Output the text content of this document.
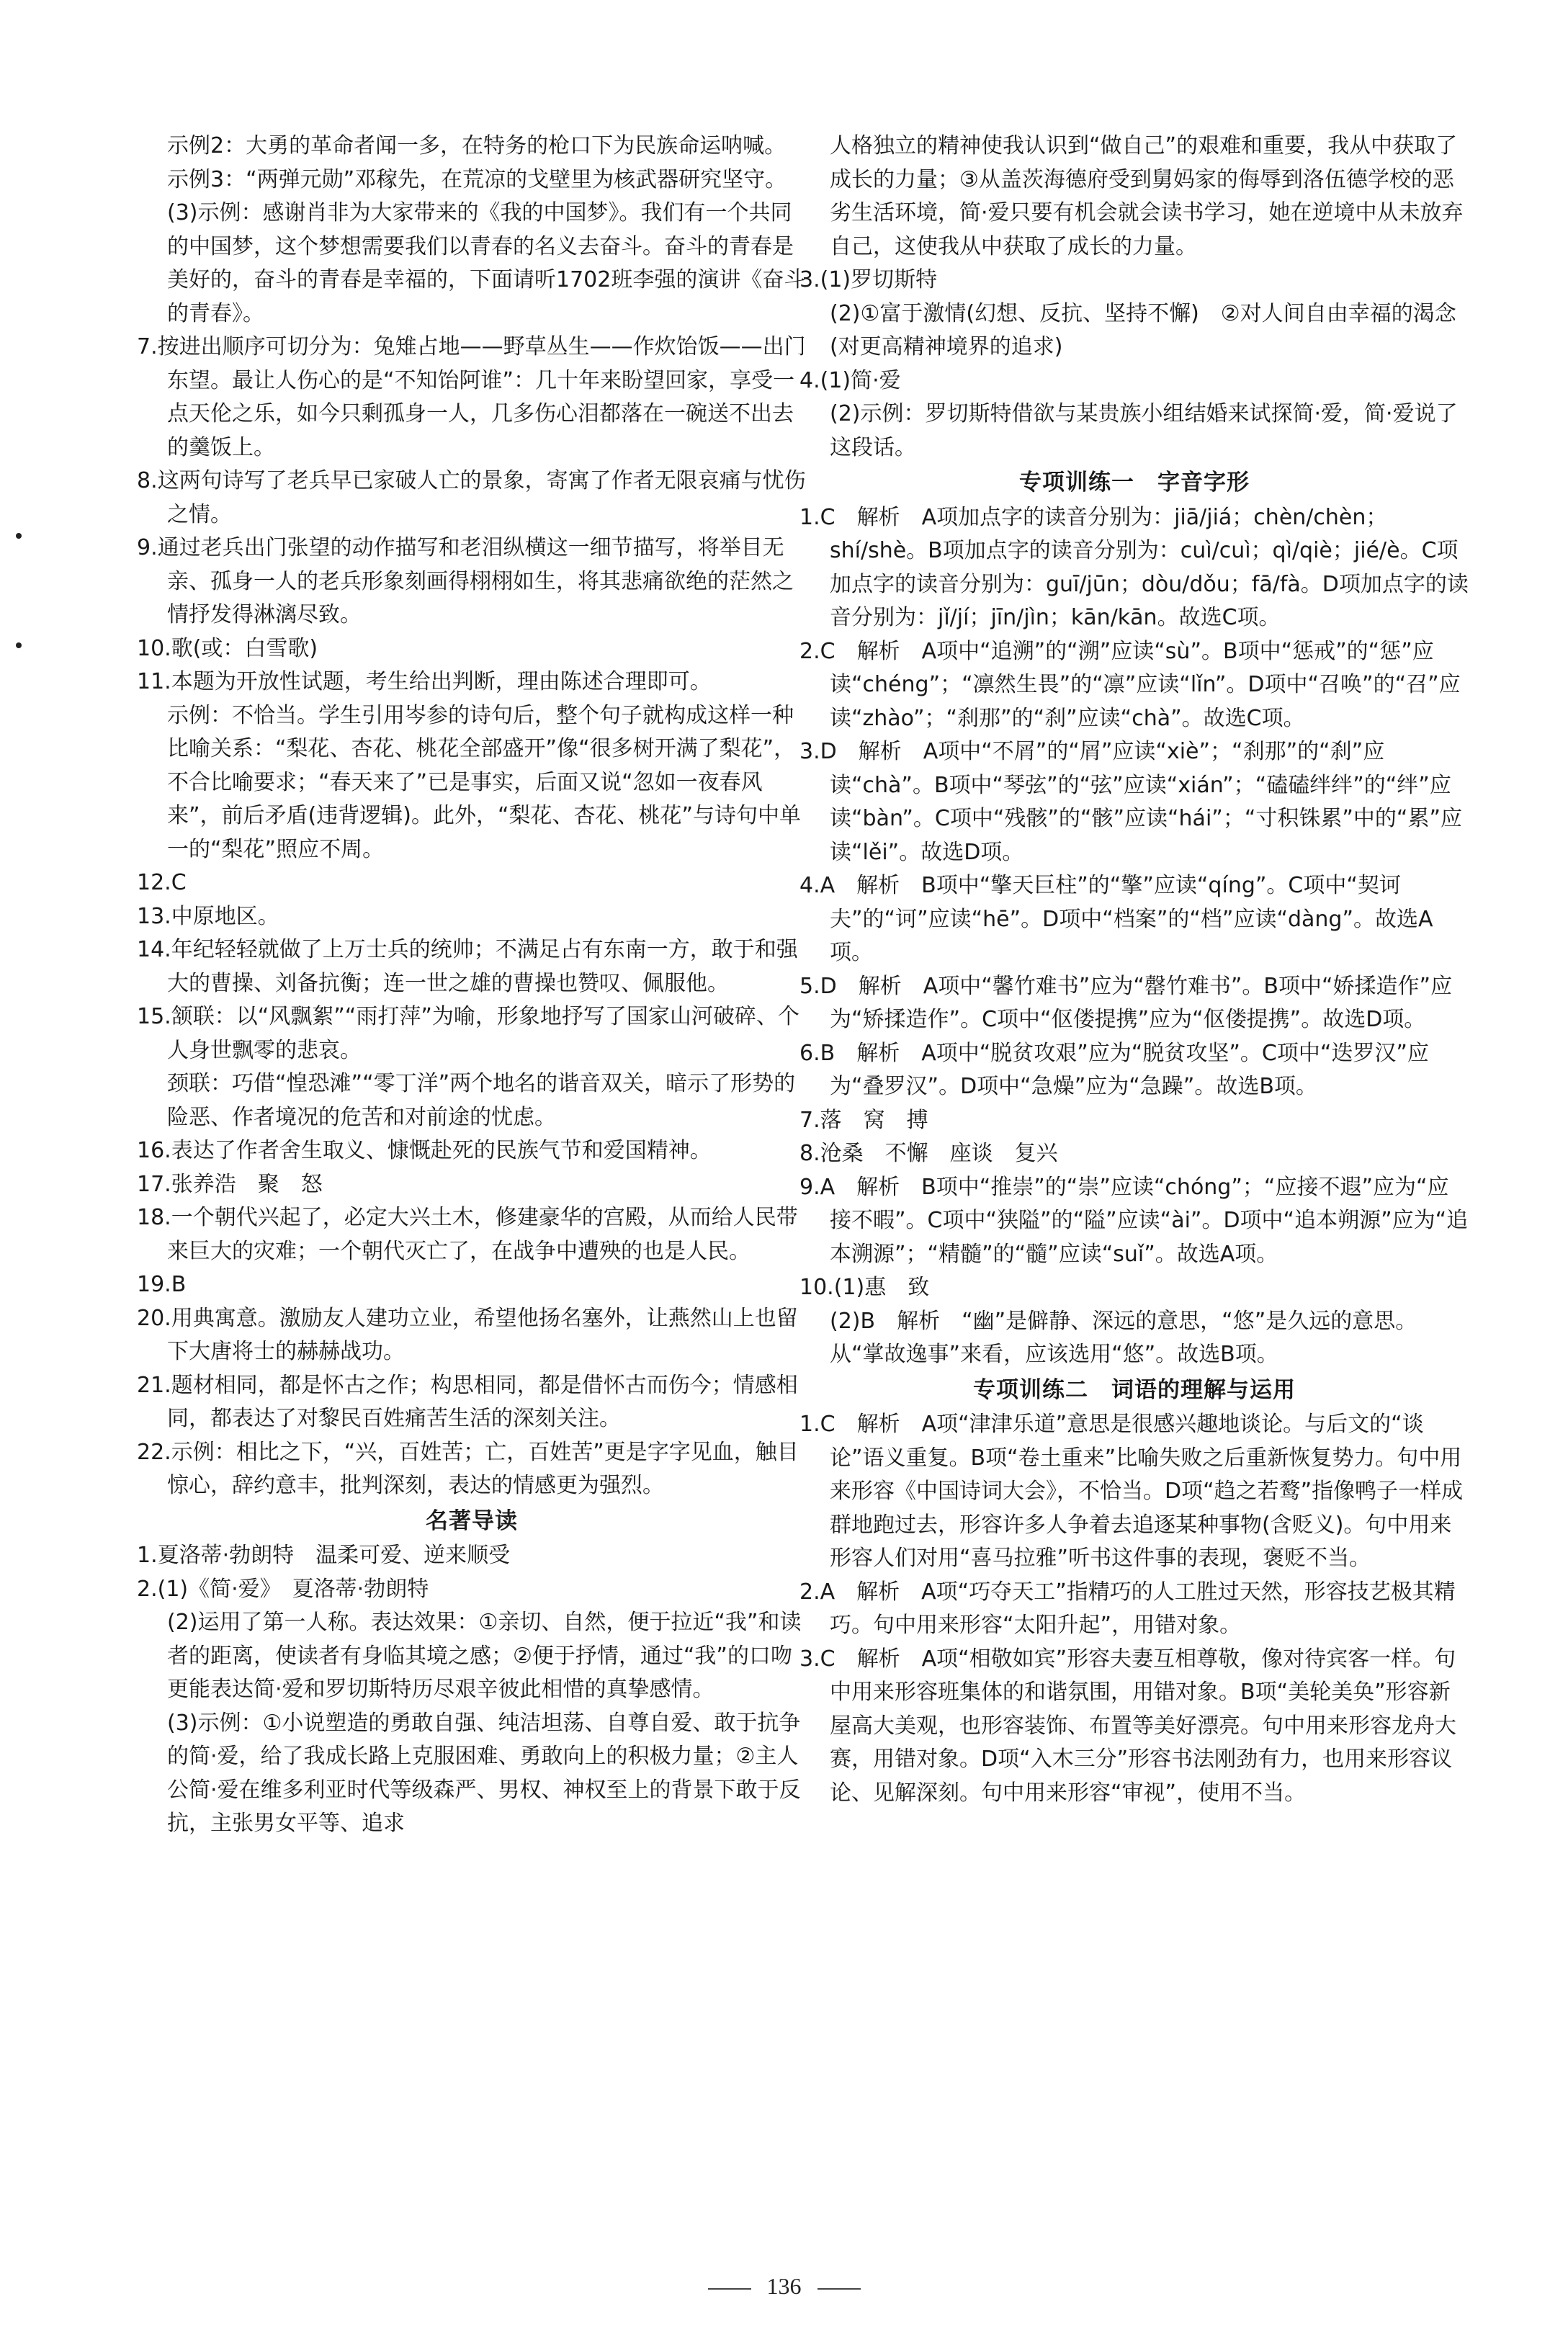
示例2：大勇的革命者闻一多，在特务的枪口下为民族命运呐喊。

示例3：“两弹元勋”邓稼先，在荒凉的戈壁里为核武器研究坚守。

(3)示例：感谢肖非为大家带来的《我的中国梦》。我们有一个共同的中国梦，这个梦想需要我们以青春的名义去奋斗。奋斗的青春是美好的，奋斗的青春是幸福的，下面请听1702班李强的演讲《奋斗的青春》。

7.按进出顺序可切分为：兔雉占地——野草丛生——作炊饴饭——出门东望。最让人伤心的是“不知饴阿谁”：几十年来盼望回家，享受一点天伦之乐，如今只剩孤身一人，几多伤心泪都落在一碗送不出去的羹饭上。

8.这两句诗写了老兵早已家破人亡的景象，寄寓了作者无限哀痛与忧伤之情。

9.通过老兵出门张望的动作描写和老泪纵横这一细节描写，将举目无亲、孤身一人的老兵形象刻画得栩栩如生，将其悲痛欲绝的茫然之情抒发得淋漓尽致。

10.歌(或：白雪歌)

11.本题为开放性试题，考生给出判断，理由陈述合理即可。

示例：不恰当。学生引用岑参的诗句后，整个句子就构成这样一种比喻关系：“梨花、杏花、桃花全部盛开”像“很多树开满了梨花”，不合比喻要求；“春天来了”已是事实，后面又说“忽如一夜春风来”，前后矛盾(违背逻辑)。此外，“梨花、杏花、桃花”与诗句中单一的“梨花”照应不周。

12.C

13.中原地区。

14.年纪轻轻就做了上万士兵的统帅；不满足占有东南一方，敢于和强大的曹操、刘备抗衡；连一世之雄的曹操也赞叹、佩服他。

15.颔联：以“风飘絮”“雨打萍”为喻，形象地抒写了国家山河破碎、个人身世飘零的悲哀。

颈联：巧借“惶恐滩”“零丁洋”两个地名的谐音双关，暗示了形势的险恶、作者境况的危苦和对前途的忧虑。

16.表达了作者舍生取义、慷慨赴死的民族气节和爱国精神。

17.张养浩　聚　怒

18.一个朝代兴起了，必定大兴土木，修建豪华的宫殿，从而给人民带来巨大的灾难；一个朝代灭亡了，在战争中遭殃的也是人民。

19.B

20.用典寓意。激励友人建功立业，希望他扬名塞外，让燕然山上也留下大唐将士的赫赫战功。

21.题材相同，都是怀古之作；构思相同，都是借怀古而伤今；情感相同，都表达了对黎民百姓痛苦生活的深刻关注。

22.示例：相比之下，“兴，百姓苦；亡，百姓苦”更是字字见血，触目惊心，辞约意丰，批判深刻，表达的情感更为强烈。

名著导读

1.夏洛蒂·勃朗特　温柔可爱、逆来顺受

2.(1)《简·爱》　夏洛蒂·勃朗特

(2)运用了第一人称。表达效果：①亲切、自然，便于拉近“我”和读者的距离，使读者有身临其境之感；②便于抒情，通过“我”的口吻更能表达简·爱和罗切斯特历尽艰辛彼此相惜的真挚感情。

(3)示例：①小说塑造的勇敢自强、纯洁坦荡、自尊自爱、敢于抗争的简·爱，给了我成长路上克服困难、勇敢向上的积极力量；②主人公简·爱在维多利亚时代等级森严、男权、神权至上的背景下敢于反抗，主张男女平等、追求

人格独立的精神使我认识到“做自己”的艰难和重要，我从中获取了成长的力量；③从盖茨海德府受到舅妈家的侮辱到洛伍德学校的恶劣生活环境，简·爱只要有机会就会读书学习，她在逆境中从未放弃自己，这使我从中获取了成长的力量。

3.(1)罗切斯特

(2)①富于激情(幻想、反抗、坚持不懈)　②对人间自由幸福的渴念(对更高精神境界的追求)

4.(1)简·爱

(2)示例：罗切斯特借欲与某贵族小组结婚来试探简·爱，简·爱说了这段话。

专项训练一　字音字形

1.C　解析　A项加点字的读音分别为：jiā/jiá；chèn/chèn；shí/shè。B项加点字的读音分别为：cuì/cuì；qì/qiè；jié/è。C项加点字的读音分别为：guī/jūn；dòu/dǒu；fā/fà。D项加点字的读音分别为：jǐ/jí；jīn/jìn；kān/kān。故选C项。

2.C　解析　A项中“追溯”的“溯”应读“sù”。B项中“惩戒”的“惩”应读“chéng”；“凛然生畏”的“凛”应读“lǐn”。D项中“召唤”的“召”应读“zhào”；“刹那”的“刹”应读“chà”。故选C项。

3.D　解析　A项中“不屑”的“屑”应读“xiè”；“刹那”的“刹”应读“chà”。B项中“琴弦”的“弦”应读“xián”；“磕磕绊绊”的“绊”应读“bàn”。C项中“残骸”的“骸”应读“hái”；“寸积铢累”中的“累”应读“lěi”。故选D项。

4.A　解析　B项中“擎天巨柱”的“擎”应读“qíng”。C项中“契诃夫”的“诃”应读“hē”。D项中“档案”的“档”应读“dàng”。故选A项。

5.D　解析　A项中“馨竹难书”应为“罄竹难书”。B项中“娇揉造作”应为“矫揉造作”。C项中“伛偻提携”应为“伛偻提携”。故选D项。

6.B　解析　A项中“脱贫攻艰”应为“脱贫攻坚”。C项中“迭罗汉”应为“叠罗汉”。D项中“急燥”应为“急躁”。故选B项。

7.落　窝　搏

8.沧桑　不懈　座谈　复兴

9.A　解析　B项中“推崇”的“崇”应读“chóng”；“应接不遐”应为“应接不暇”。C项中“狭隘”的“隘”应读“ài”。D项中“追本朔源”应为“追本溯源”；“精髓”的“髓”应读“suǐ”。故选A项。

10.(1)惠　致

(2)B　解析　“幽”是僻静、深远的意思，“悠”是久远的意思。从“掌故逸事”来看，应该选用“悠”。故选B项。

专项训练二　词语的理解与运用

1.C　解析　A项“津津乐道”意思是很感兴趣地谈论。与后文的“谈论”语义重复。B项“卷土重来”比喻失败之后重新恢复势力。句中用来形容《中国诗词大会》，不恰当。D项“趋之若鹜”指像鸭子一样成群地跑过去，形容许多人争着去追逐某种事物(含贬义)。句中用来形容人们对用“喜马拉雅”听书这件事的表现，褒贬不当。

2.A　解析　A项“巧夺天工”指精巧的人工胜过天然，形容技艺极其精巧。句中用来形容“太阳升起”，用错对象。

3.C　解析　A项“相敬如宾”形容夫妻互相尊敬，像对待宾客一样。句中用来形容班集体的和谐氛围，用错对象。B项“美轮美奂”形容新屋高大美观，也形容装饰、布置等美好漂亮。句中用来形容龙舟大赛，用错对象。D项“入木三分”形容书法刚劲有力，也用来形容议论、见解深刻。句中用来形容“审视”，使用不当。

136
